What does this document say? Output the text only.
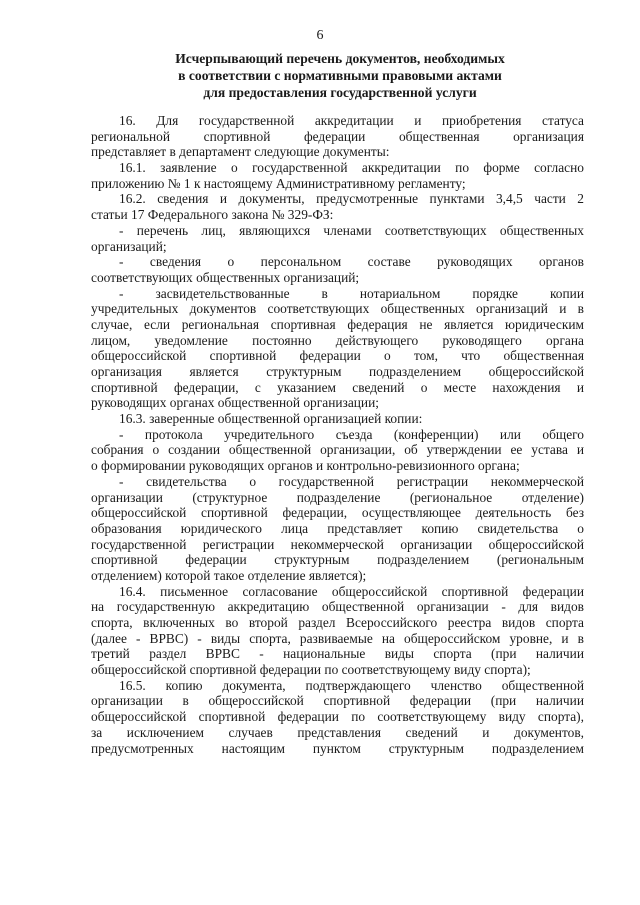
6
Исчерпывающий перечень документов, необходимых
в соответствии с нормативными правовыми актами
для предоставления государственной услуги
16. Для государственной аккредитации и приобретения статуса
региональной спортивной федерации общественная организация
представляет в департамент следующие документы:
16.1. заявление о государственной аккредитации по форме согласно
приложению № 1 к настоящему Административному регламенту;
16.2. сведения и документы, предусмотренные пунктами 3,4,5 части 2
статьи 17 Федерального закона № 329-ФЗ:
- перечень лиц, являющихся членами соответствующих общественных
организаций;
- сведения о персональном составе руководящих органов
соответствующих общественных организаций;
- засвидетельствованные в нотариальном порядке копии
учредительных документов соответствующих общественных организаций и в
случае, если региональная спортивная федерация не является юридическим
лицом, уведомление постоянно действующего руководящего органа
общероссийской спортивной федерации о том, что общественная
организация является структурным подразделением общероссийской
спортивной федерации, с указанием сведений о месте нахождения и
руководящих органах общественной организации;
16.3. заверенные общественной организацией копии:
- протокола учредительного съезда (конференции) или общего
собрания о создании общественной организации, об утверждении ее устава и
о формировании руководящих органов и контрольно-ревизионного органа;
- свидетельства о государственной регистрации некоммерческой
организации (структурное подразделение (региональное отделение)
общероссийской спортивной федерации, осуществляющее деятельность без
образования юридического лица представляет копию свидетельства о
государственной регистрации некоммерческой организации общероссийской
спортивной федерации структурным подразделением (региональным
отделением) которой такое отделение является);
16.4. письменное согласование общероссийской спортивной федерации
на государственную аккредитацию общественной организации - для видов
спорта, включенных во второй раздел Всероссийского реестра видов спорта
(далее - ВРВС) - виды спорта, развиваемые на общероссийском уровне, и в
третий раздел ВРВС - национальные виды спорта (при наличии
общероссийской спортивной федерации по соответствующему виду спорта);
16.5. копию документа, подтверждающего членство общественной
организации в общероссийской спортивной федерации (при наличии
общероссийской спортивной федерации по соответствующему виду спорта),
за исключением случаев представления сведений и документов,
предусмотренных настоящим пунктом структурным подразделением
